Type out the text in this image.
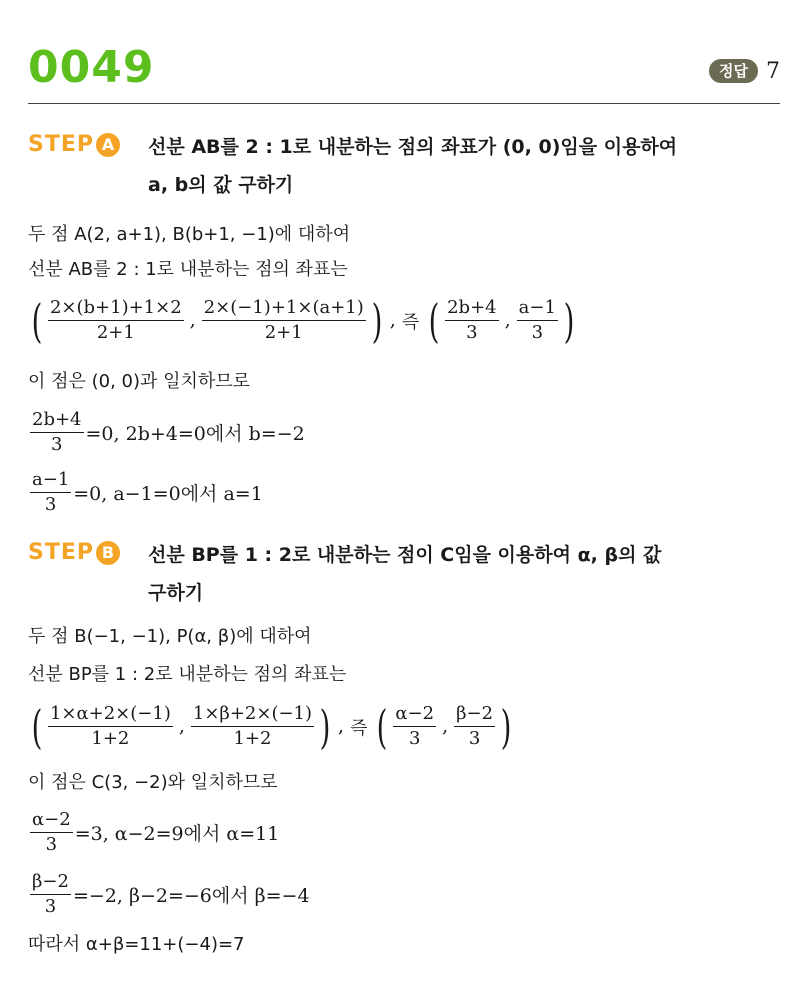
0049	정답 7
STEP A	선분 AB를 2 : 1로 내분하는 점의 좌표가 (0, 0)임을 이용하여
a, b의 값 구하기
두 점 A(2, a+1), B(b+1, −1)에 대하여
선분 AB를 2 : 1로 내분하는 점의 좌표는
( $\frac{2\times(b+1)+1\times 2}{2+1}$ , $\frac{2\times(-1)+1\times(a+1)}{2+1}$ ) , 즉 ( $\frac{2b+4}{3}$ , $\frac{a-1}{3}$ )
이 점은 (0, 0)과 일치하므로
$\frac{2b+4}{3} =0$, 2b+4=0에서 b=−2
$\frac{a-1}{3} =0$, a−1=0에서 a=1
STEP B	선분 BP를 1 : 2로 내분하는 점이 C임을 이용하여 α, β의 값
구하기
두 점 B(−1, −1), P(α, β)에 대하여
선분 BP를 1 : 2로 내분하는 점의 좌표는
( $\frac{1\times\alpha+2\times(-1)}{1+2}$ , $\frac{1\times\beta+2\times(-1)}{1+2}$ ) , 즉 ( $\frac{\alpha-2}{3}$ , $\frac{\beta-2}{3}$ )
이 점은 C(3, −2)와 일치하므로
$\frac{\alpha-2}{3} =3$, α−2=9에서 α=11
$\frac{\beta-2}{3} =-2$, β−2=−6에서 β=−4
따라서 α+β=11+(−4)=7
